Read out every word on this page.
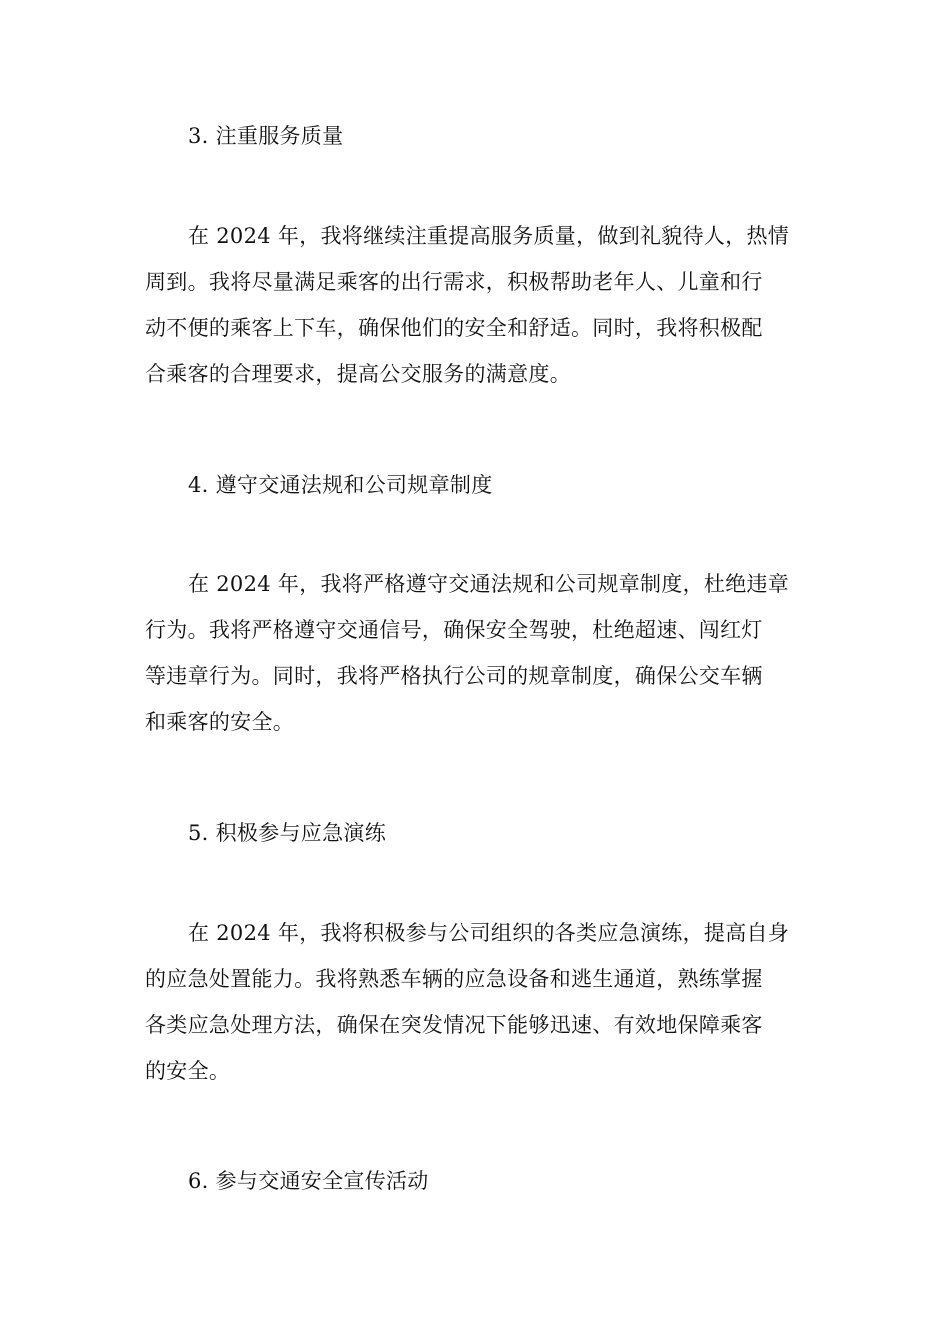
3. 注重服务质量
在 2024 年，我将继续注重提高服务质量，做到礼貌待人，热情
周到。我将尽量满足乘客的出行需求，积极帮助老年人、儿童和行
动不便的乘客上下车，确保他们的安全和舒适。同时，我将积极配
合乘客的合理要求，提高公交服务的满意度。
4. 遵守交通法规和公司规章制度
在 2024 年，我将严格遵守交通法规和公司规章制度，杜绝违章
行为。我将严格遵守交通信号，确保安全驾驶，杜绝超速、闯红灯
等违章行为。同时，我将严格执行公司的规章制度，确保公交车辆
和乘客的安全。
5. 积极参与应急演练
在 2024 年，我将积极参与公司组织的各类应急演练，提高自身
的应急处置能力。我将熟悉车辆的应急设备和逃生通道，熟练掌握
各类应急处理方法，确保在突发情况下能够迅速、有效地保障乘客
的安全。
6. 参与交通安全宣传活动
